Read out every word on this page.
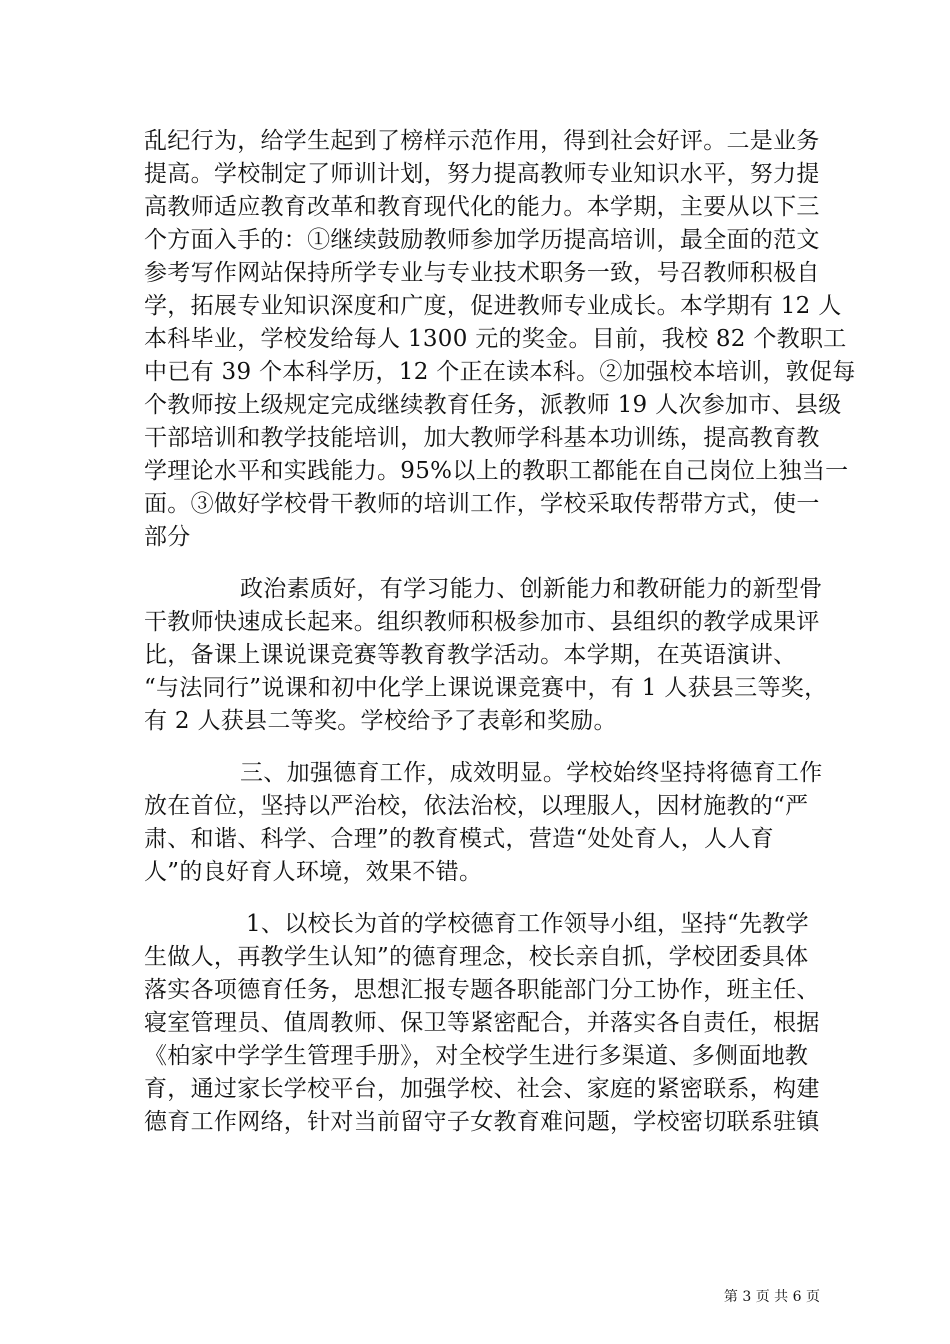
乱纪行为，给学生起到了榜样示范作用，得到社会好评。二是业务
提高。学校制定了师训计划，努力提高教师专业知识水平，努力提
高教师适应教育改革和教育现代化的能力。本学期，主要从以下三
个方面入手的：①继续鼓励教师参加学历提高培训，最全面的范文
参考写作网站保持所学专业与专业技术职务一致，号召教师积极自
学，拓展专业知识深度和广度，促进教师专业成长。本学期有 12 人
本科毕业，学校发给每人 1300 元的奖金。目前，我校 82 个教职工
中已有 39 个本科学历，12 个正在读本科。②加强校本培训，敦促每
个教师按上级规定完成继续教育任务，派教师 19 人次参加市、县级
干部培训和教学技能培训，加大教师学科基本功训练，提高教育教
学理论水平和实践能力。95%以上的教职工都能在自己岗位上独当一
面。③做好学校骨干教师的培训工作，学校采取传帮带方式，使一
部分
政治素质好，有学习能力、创新能力和教研能力的新型骨
干教师快速成长起来。组织教师积极参加市、县组织的教学成果评
比，备课上课说课竞赛等教育教学活动。本学期，在英语演讲、
“与法同行”说课和初中化学上课说课竞赛中，有 1 人获县三等奖，
有 2 人获县二等奖。学校给予了表彰和奖励。
三、加强德育工作，成效明显。学校始终坚持将德育工作
放在首位，坚持以严治校，依法治校，以理服人，因材施教的“严
肃、和谐、科学、合理”的教育模式，营造“处处育人，人人育
人”的良好育人环境，效果不错。
1、以校长为首的学校德育工作领导小组，坚持“先教学
生做人，再教学生认知”的德育理念，校长亲自抓，学校团委具体
落实各项德育任务，思想汇报专题各职能部门分工协作，班主任、
寝室管理员、值周教师、保卫等紧密配合，并落实各自责任，根据
《柏家中学学生管理手册》，对全校学生进行多渠道、多侧面地教
育，通过家长学校平台，加强学校、社会、家庭的紧密联系，构建
德育工作网络，针对当前留守子女教育难问题，学校密切联系驻镇
第 3 页 共 6 页
